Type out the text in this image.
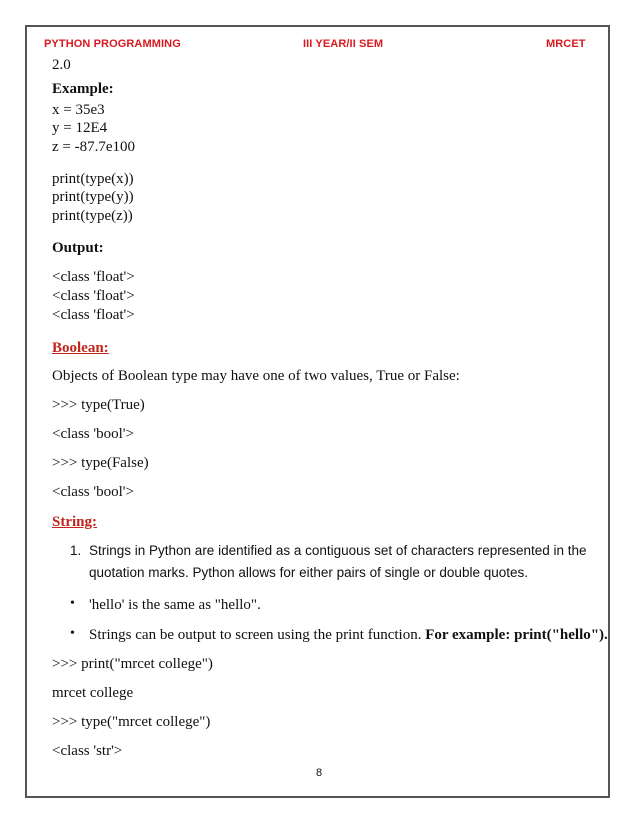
PYTHON PROGRAMMING	III YEAR/II SEM	MRCET
2.0
Example:
x = 35e3
y = 12E4
z = -87.7e100
print(type(x))
print(type(y))
print(type(z))
Output:
<class 'float'>
<class 'float'>
<class 'float'>
Boolean:
Objects of Boolean type may have one of two values, True or False:
>>> type(True)
<class 'bool'>
>>> type(False)
<class 'bool'>
String:
1. Strings in Python are identified as a contiguous set of characters represented in the
quotation marks. Python allows for either pairs of single or double quotes.
• 'hello' is the same as "hello".
• Strings can be output to screen using the print function. For example: print("hello").
>>> print("mrcet college")
mrcet college
>>> type("mrcet college")
<class 'str'>
8
